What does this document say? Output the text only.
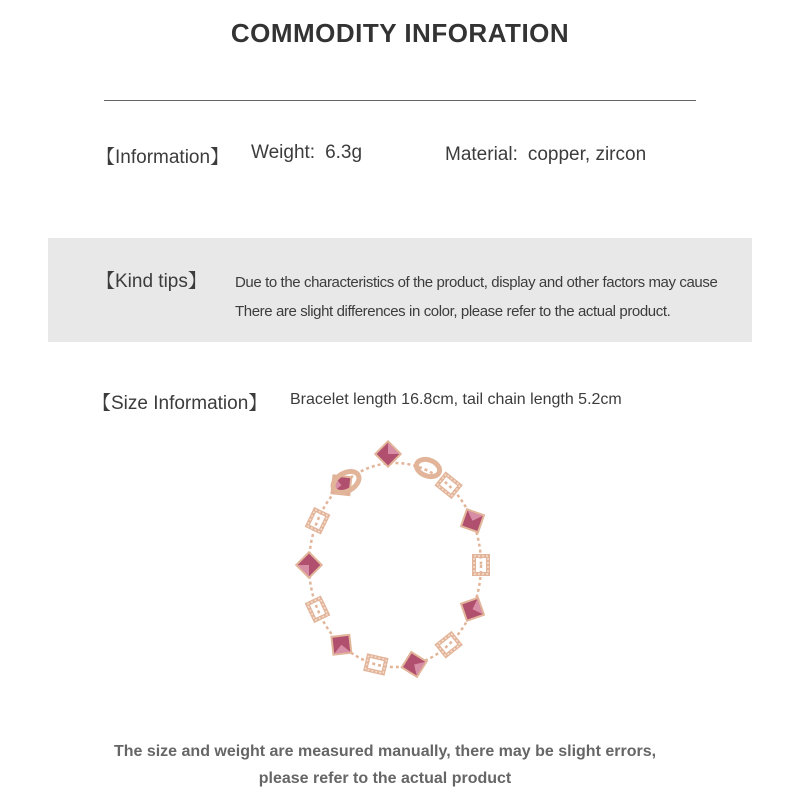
COMMODITY INFORATION
【Information】 Weight: 6.3g	Material: copper, zircon
【Kind tips】 Due to the characteristics of the product, display and other factors may cause
There are slight differences in color, please refer to the actual product.
【Size Information】 Bracelet length 16.8cm, tail chain length 5.2cm
The size and weight are measured manually, there may be slight errors,
please refer to the actual product
